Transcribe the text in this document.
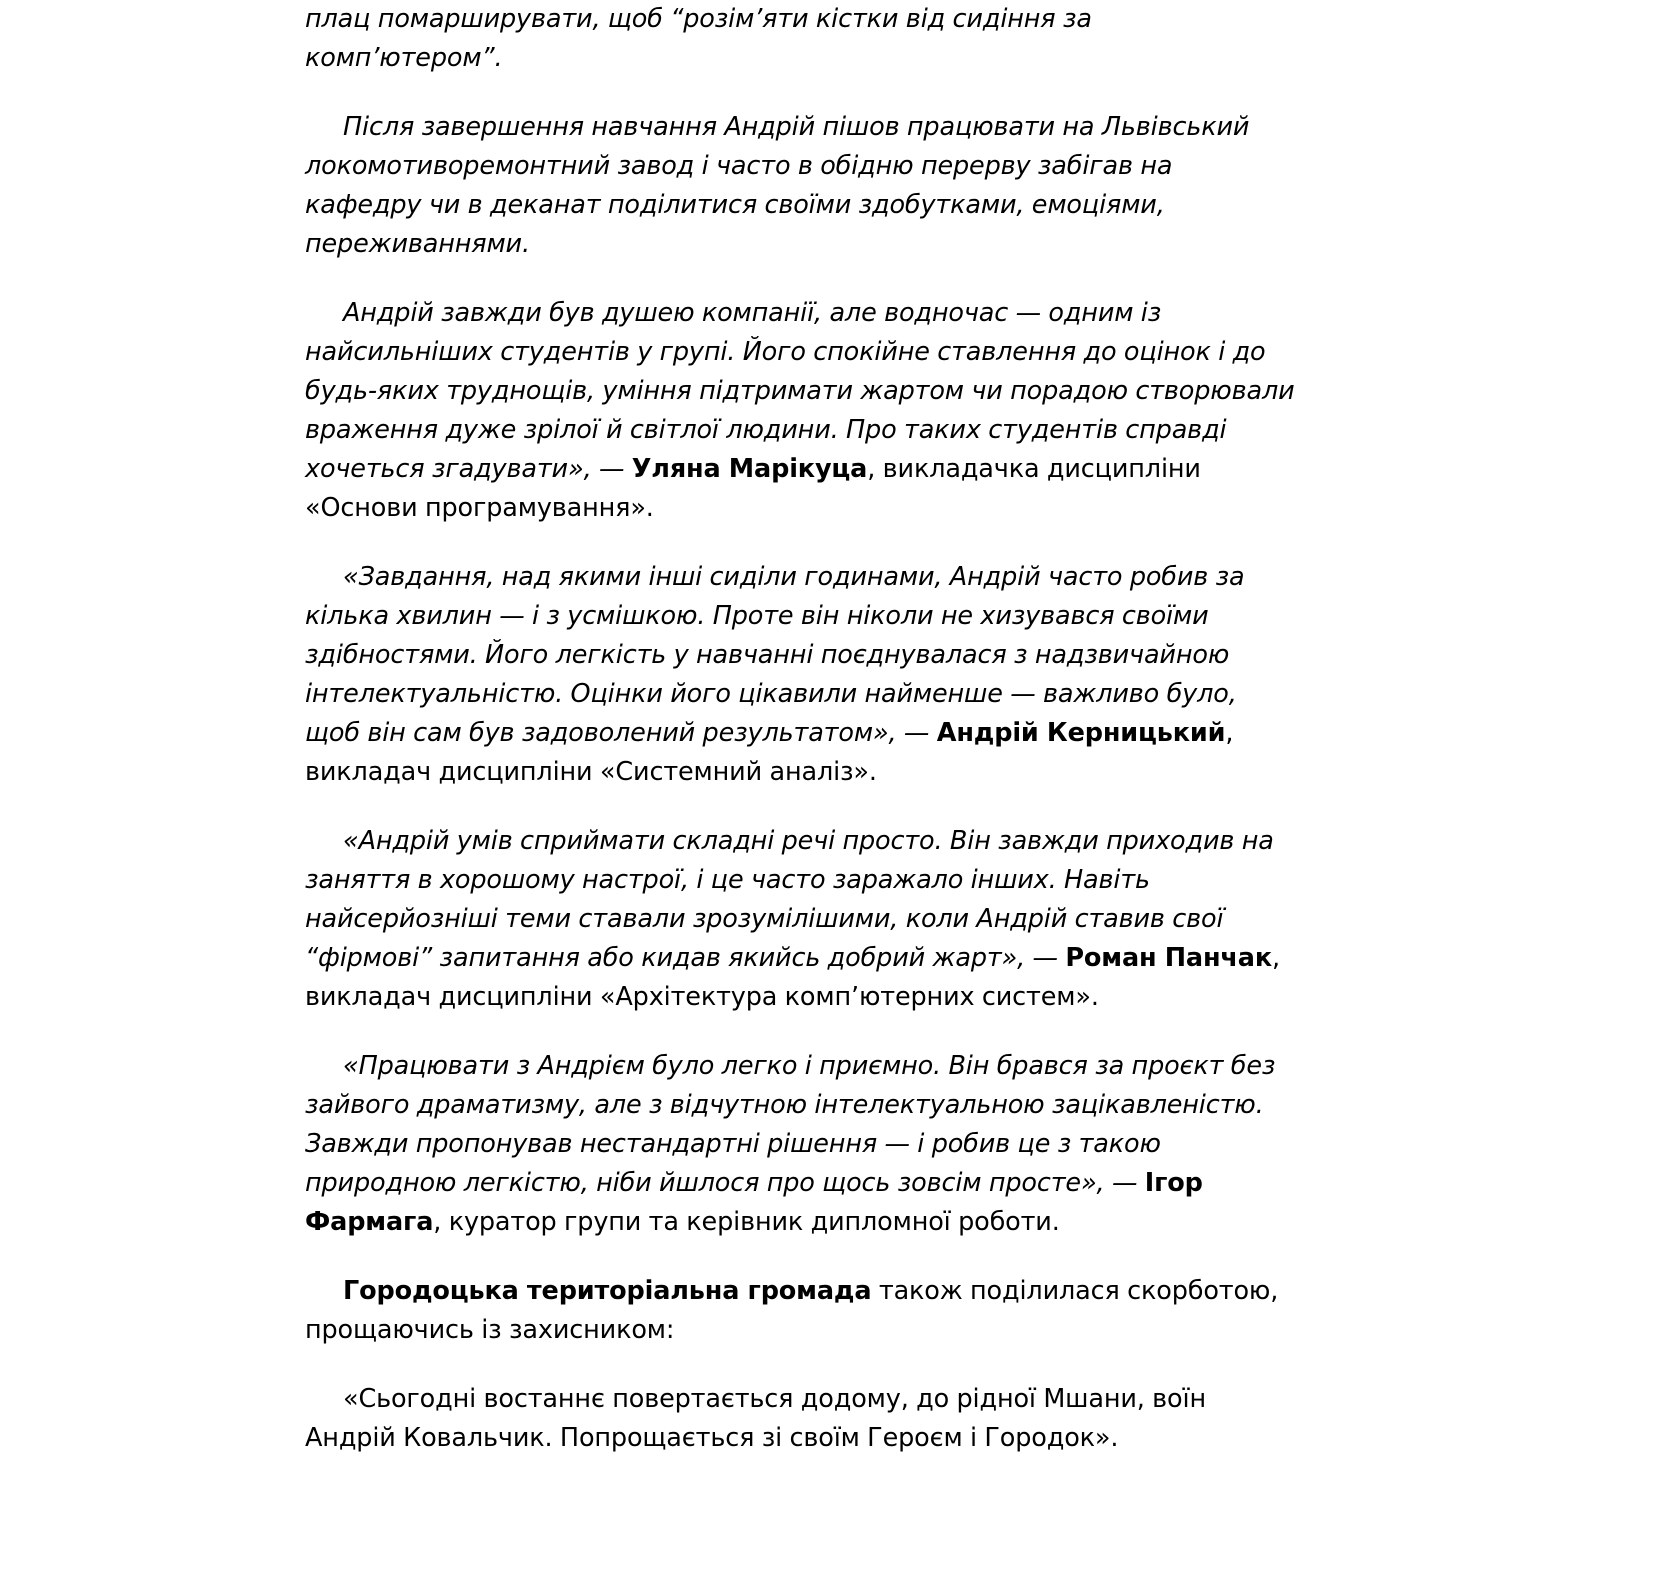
плац помарширувати, щоб “розім’яти кістки від сидіння за комп’ютером”.

Після завершення навчання Андрій пішов працювати на Львівський локомотиворемонтний завод і часто в обідню перерву забігав на кафедру чи в деканат поділитися своїми здобутками, емоціями, переживаннями.

Андрій завжди був душею компанії, але водночас — одним із найсильніших студентів у групі. Його спокійне ставлення до оцінок і до будь-яких труднощів, уміння підтримати жартом чи порадою створювали враження дуже зрілої й світлої людини. Про таких студентів справді хочеться згадувати», — Уляна Марікуца, викладачка дисципліни «Основи програмування».

«Завдання, над якими інші сиділи годинами, Андрій часто робив за кілька хвилин — і з усмішкою. Проте він ніколи не хизувався своїми здібностями. Його легкість у навчанні поєднувалася з надзвичайною інтелектуальністю. Оцінки його цікавили найменше — важливо було, щоб він сам був задоволений результатом», — Андрій Керницький, викладач дисципліни «Системний аналіз».

«Андрій умів сприймати складні речі просто. Він завжди приходив на заняття в хорошому настрої, і це часто заражало інших. Навіть найсерйозніші теми ставали зрозумілішими, коли Андрій ставив свої “фірмові” запитання або кидав якийсь добрий жарт», — Роман Панчак, викладач дисципліни «Архітектура комп’ютерних систем».

«Працювати з Андрієм було легко і приємно. Він брався за проєкт без зайвого драматизму, але з відчутною інтелектуальною зацікавленістю. Завжди пропонував нестандартні рішення — і робив це з такою природною легкістю, ніби йшлося про щось зовсім просте», — Ігор Фармага, куратор групи та керівник дипломної роботи.

Городоцька територіальна громада також поділилася скорботою, прощаючись із захисником:

«Сьогодні востаннє повертається додому, до рідної Мшани, воїн Андрій Ковальчик. Попрощається зі своїм Героєм і Городок».
